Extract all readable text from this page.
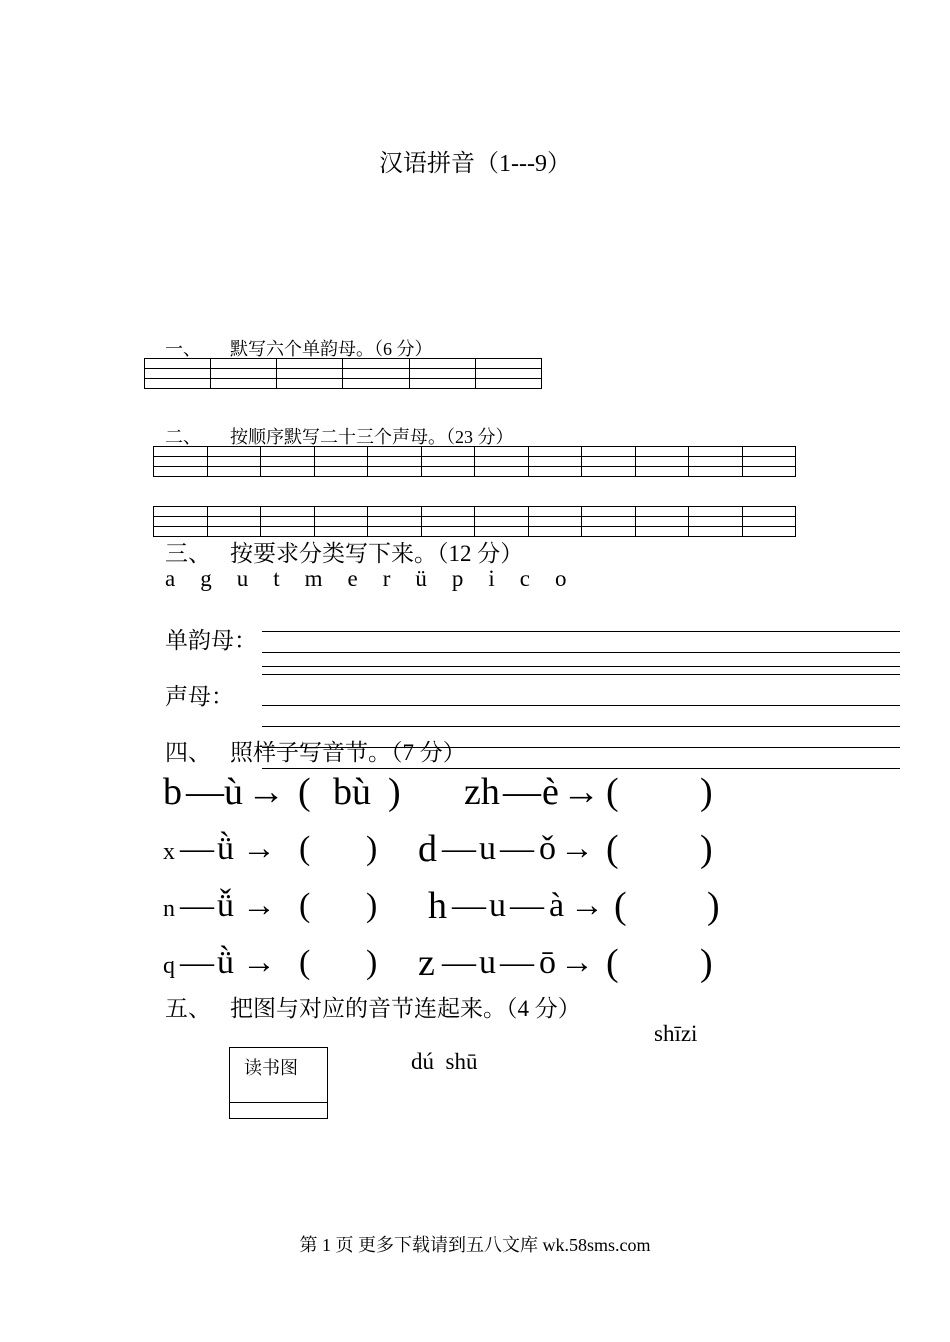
汉语拼音（1---9）
一、 默写六个单韵母。（6 分）

二、 按顺序默写二十三个声母。（23 分）

三、 按要求分类写下来。（12 分）
a g u t m e r ü p i c o
单韵母：
声母：
四、 照样子写音节。（7 分）
b — ù → ( bù ) zh — è → ( )
x — ǜ → ( ) d — u — ǒ → ( )
n — ǚ → ( ) h — u — à → ( )
q — ǜ → ( ) z — u — ō → ( )
五、 把图与对应的音节连起来。（4 分）
shīzi
dú  shū
读书图
第 1 页 更多下载请到五八文库 wk.58sms.com
